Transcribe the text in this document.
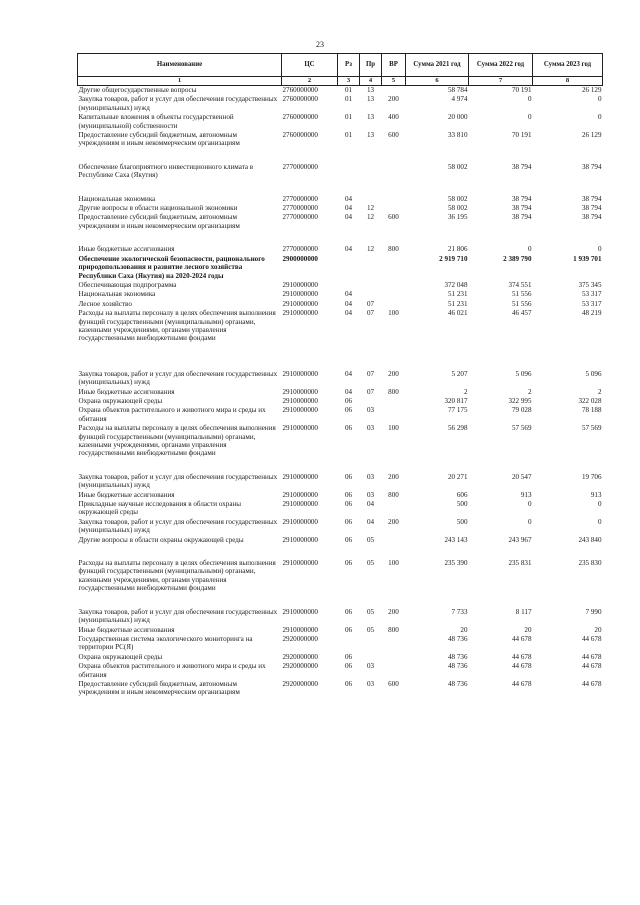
23
Наименование	ЦС	Рз	Пр	ВР	Сумма 2021 год	Сумма 2022 год	Сумма 2023 год
1	2	3	4	5	6	7	8
Другие общегосударственные вопросы	2760000000	01	13		58 784	70 191	26 129
Закупка товаров, работ и услуг для обеспечения государственных (муниципальных) нужд	2760000000	01	13	200	4 974	0	0
Капитальные вложения в объекты государственной (муниципальной) собственности	2760000000	01	13	400	20 000	0	0
Предоставление субсидий бюджетным, автономным учреждениям и иным некоммерческим организациям	2760000000	01	13	600	33 810	70 191	26 129
Обеспечение благоприятного инвестиционного климата в Республике Саха (Якутия)	2770000000				58 002	38 794	38 794
Национальная экономика	2770000000	04			58 002	38 794	38 794
Другие вопросы в области национальной экономики	2770000000	04	12		58 002	38 794	38 794
Предоставление субсидий бюджетным, автономным учреждениям и иным некоммерческим организациям	2770000000	04	12	600	36 195	38 794	38 794
Иные бюджетные ассигнования	2770000000	04	12	800	21 806	0	0
Обеспечение экологической безопасности, рационального природопользования и развитие лесного хозяйства Республики Саха (Якутия) на 2020-2024 годы	2900000000				2 919 710	2 389 790	1 939 701
Обеспечивающая подпрограмма	2910000000				372 048	374 551	375 345
Национальная экономика	2910000000	04			51 231	51 556	53 317
Лесное хозяйство	2910000000	04	07		51 231	51 556	53 317
Расходы на выплаты персоналу в целях обеспечения выполнения функций государственными (муниципальными) органами, казенными учреждениями, органами управления государственными внебюджетными фондами	2910000000	04	07	100	46 021	46 457	48 219
Закупка товаров, работ и услуг для обеспечения государственных (муниципальных) нужд	2910000000	04	07	200	5 207	5 096	5 096
Иные бюджетные ассигнования	2910000000	04	07	800	2	2	2
Охрана окружающей среды	2910000000	06			320 817	322 995	322 028
Охрана объектов растительного и животного мира и среды их обитания	2910000000	06	03		77 175	79 028	78 188
Расходы на выплаты персоналу в целях обеспечения выполнения функций государственными (муниципальными) органами, казенными учреждениями, органами управления государственными внебюджетными фондами	2910000000	06	03	100	56 298	57 569	57 569
Закупка товаров, работ и услуг для обеспечения государственных (муниципальных) нужд	2910000000	06	03	200	20 271	20 547	19 706
Иные бюджетные ассигнования	2910000000	06	03	800	606	913	913
Прикладные научные исследования в области охраны окружающей среды	2910000000	06	04		500	0	0
Закупка товаров, работ и услуг для обеспечения государственных (муниципальных) нужд	2910000000	06	04	200	500	0	0
Другие вопросы в области охраны окружающей среды	2910000000	06	05		243 143	243 967	243 840
Расходы на выплаты персоналу в целях обеспечения выполнения функций государственными (муниципальными) органами, казенными учреждениями, органами управления государственными внебюджетными фондами	2910000000	06	05	100	235 390	235 831	235 830
Закупка товаров, работ и услуг для обеспечения государственных (муниципальных) нужд	2910000000	06	05	200	7 733	8 117	7 990
Иные бюджетные ассигнования	2910000000	06	05	800	20	20	20
Государственная система экологического мониторинга на территории РС(Я)	2920000000				48 736	44 678	44 678
Охрана окружающей среды	2920000000	06			48 736	44 678	44 678
Охрана объектов растительного и животного мира и среды их обитания	2920000000	06	03		48 736	44 678	44 678
Предоставление субсидий бюджетным, автономным учреждениям и иным некоммерческим организациям	2920000000	06	03	600	48 736	44 678	44 678
